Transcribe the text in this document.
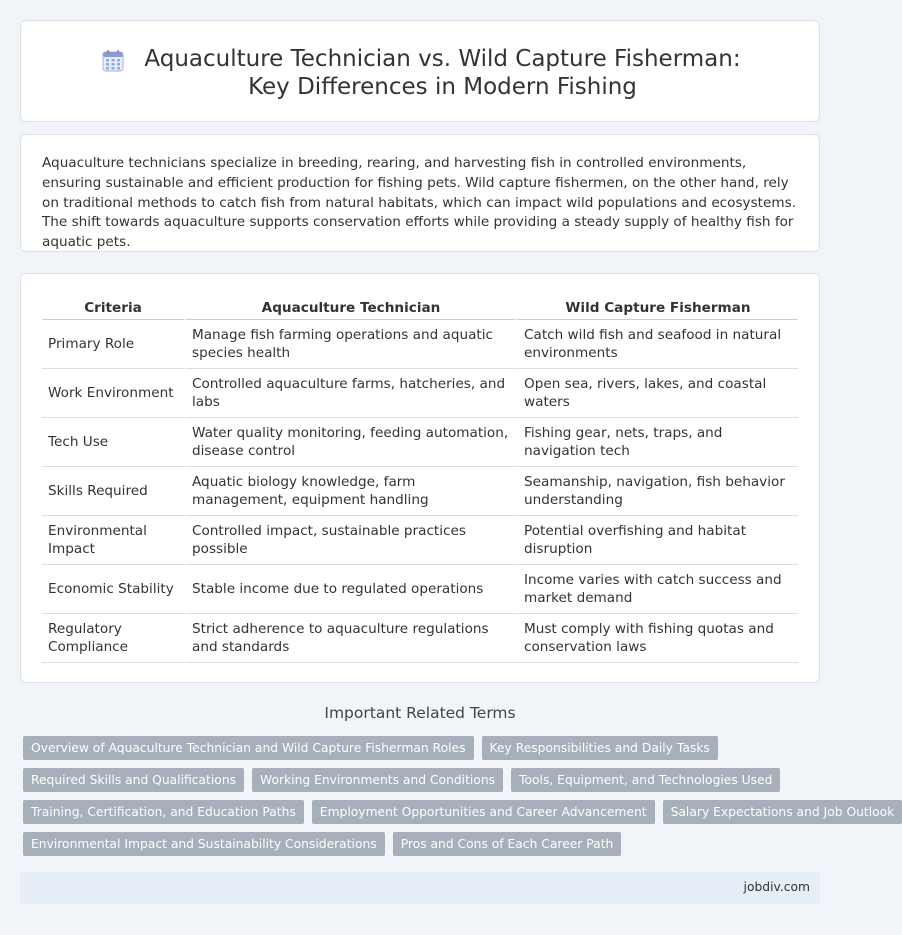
Aquaculture Technician vs. Wild Capture Fisherman: Key Differences in Modern Fishing

Aquaculture technicians specialize in breeding, rearing, and harvesting fish in controlled environments, ensuring sustainable and efficient production for fishing pets. Wild capture fishermen, on the other hand, rely on traditional methods to catch fish from natural habitats, which can impact wild populations and ecosystems. The shift towards aquaculture supports conservation efforts while providing a steady supply of healthy fish for aquatic pets.

Criteria	Aquaculture Technician	Wild Capture Fisherman
Primary Role	Manage fish farming operations and aquatic species health	Catch wild fish and seafood in natural environments
Work Environment	Controlled aquaculture farms, hatcheries, and labs	Open sea, rivers, lakes, and coastal waters
Tech Use	Water quality monitoring, feeding automation, disease control	Fishing gear, nets, traps, and navigation tech
Skills Required	Aquatic biology knowledge, farm management, equipment handling	Seamanship, navigation, fish behavior understanding
Environmental Impact	Controlled impact, sustainable practices possible	Potential overfishing and habitat disruption
Economic Stability	Stable income due to regulated operations	Income varies with catch success and market demand
Regulatory Compliance	Strict adherence to aquaculture regulations and standards	Must comply with fishing quotas and conservation laws
Important Related Terms
Overview of Aquaculture Technician and Wild Capture Fisherman Roles	Key Responsibilities and Daily Tasks
Required Skills and Qualifications	Working Environments and Conditions	Tools, Equipment, and Technologies Used
Training, Certification, and Education Paths	Employment Opportunities and Career Advancement	Salary Expectations and Job Outlook
Environmental Impact and Sustainability Considerations	Pros and Cons of Each Career Path
jobdiv.com
